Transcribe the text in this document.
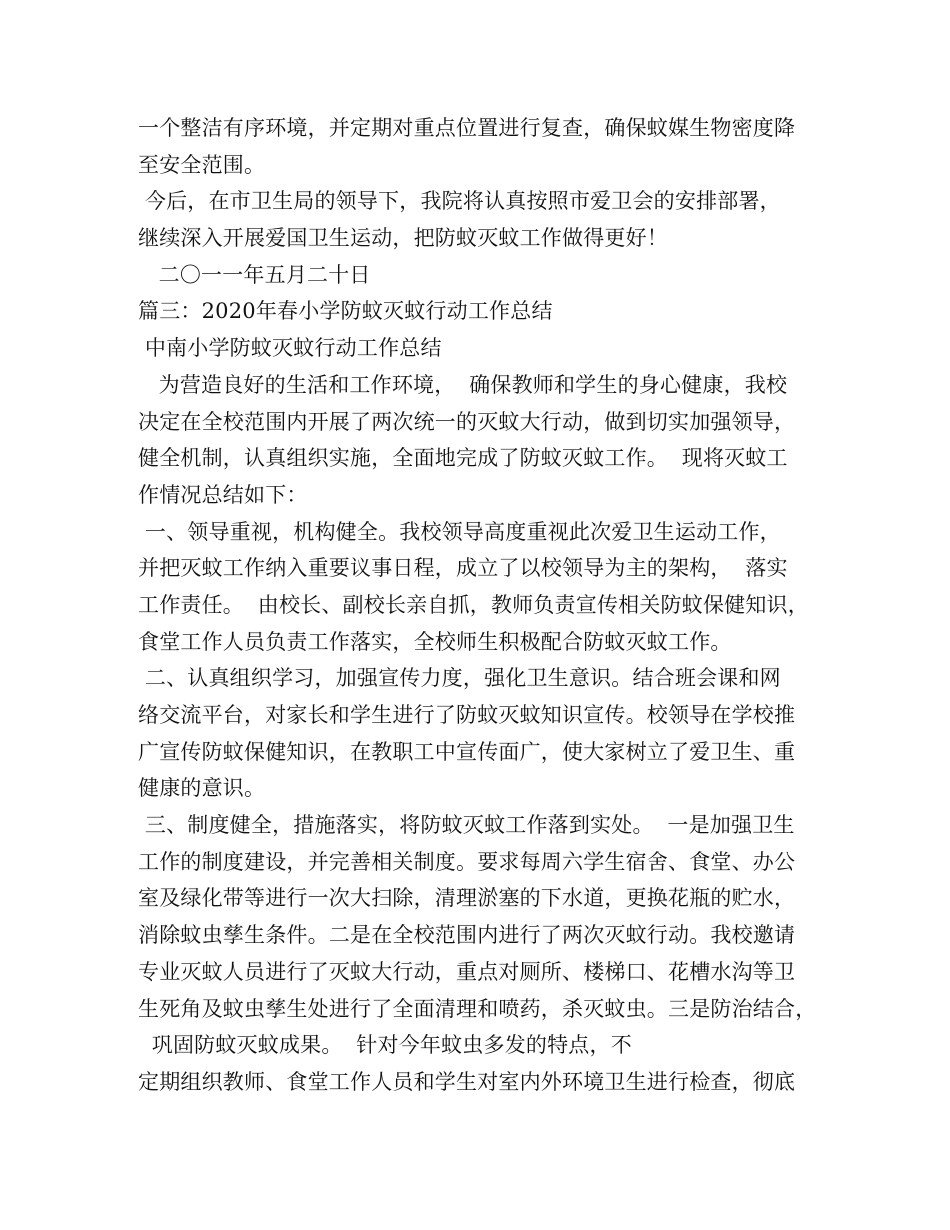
一个整洁有序环境，并定期对重点位置进行复查，确保蚊媒生物密度降
至安全范围。
今后，在市卫生局的领导下，我院将认真按照市爱卫会的安排部署，
继续深入开展爱国卫生运动，把防蚊灭蚊工作做得更好！
二〇一一年五月二十日
篇三：2020年春小学防蚊灭蚊行动工作总结
中南小学防蚊灭蚊行动工作总结
为营造良好的生活和工作环境，  确保教师和学生的身心健康，我校
决定在全校范围内开展了两次统一的灭蚊大行动，做到切实加强领导，
健全机制，认真组织实施，全面地完成了防蚊灭蚊工作。  现将灭蚊工
作情况总结如下：
一、领导重视，机构健全。我校领导高度重视此次爱卫生运动工作，
并把灭蚊工作纳入重要议事日程，成立了以校领导为主的架构，  落实
工作责任。  由校长、副校长亲自抓，教师负责宣传相关防蚊保健知识，
食堂工作人员负责工作落实，全校师生积极配合防蚊灭蚊工作。
二、认真组织学习，加强宣传力度，强化卫生意识。结合班会课和网
络交流平台，对家长和学生进行了防蚊灭蚊知识宣传。校领导在学校推
广宣传防蚊保健知识，在教职工中宣传面广，使大家树立了爱卫生、重
健康的意识。
三、制度健全，措施落实，将防蚊灭蚊工作落到实处。  一是加强卫生
工作的制度建设，并完善相关制度。要求每周六学生宿舍、食堂、办公
室及绿化带等进行一次大扫除，清理淤塞的下水道，更换花瓶的贮水，
消除蚊虫孳生条件。二是在全校范围内进行了两次灭蚊行动。我校邀请
专业灭蚊人员进行了灭蚊大行动，重点对厕所、楼梯口、花槽水沟等卫
生死角及蚊虫孳生处进行了全面清理和喷药，杀灭蚊虫。三是防治结合，
巩固防蚊灭蚊成果。  针对今年蚊虫多发的特点，不
定期组织教师、食堂工作人员和学生对室内外环境卫生进行检查，彻底
